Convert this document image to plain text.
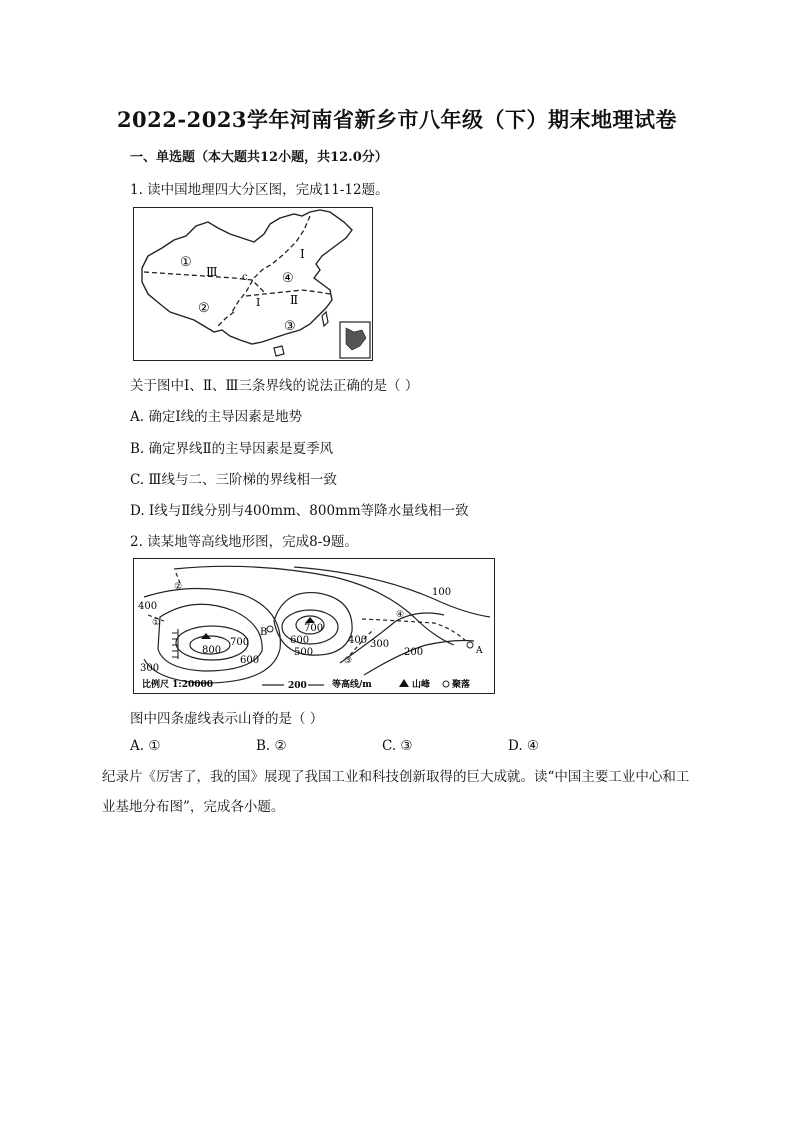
2022-2023学年河南省新乡市八年级（下）期末地理试卷
一、单选题（本大题共12小题，共12.0分）
1. 读中国地理四大分区图，完成11-12题。
①
Ⅲ c
Ⅰ
④
Ⅱ
②	Ⅰ
③
关于图中Ⅰ、Ⅱ、Ⅲ三条界线的说法正确的是（ ）
A. 确定Ⅰ线的主导因素是地势
B. 确定界线Ⅱ的主导因素是夏季风
C. Ⅲ线与二、三阶梯的界线相一致
D. Ⅰ线与Ⅱ线分别与400mm、800mm等降水量线相一致
2. 读某地等高线地形图，完成8-9题。
100
400
②
①
④
700
800
B	700
600	400 300
500	200	A
③
300
600
比例尺 1:20000	200	等高线/m	山峰 聚落
图中四条虚线表示山脊的是（ ）
A. ①	B. ②	C. ③	D. ④
纪录片《厉害了，我的国》展现了我国工业和科技创新取得的巨大成就。读“中国主要工业中心和工业基地分布图”，完成各小题。
